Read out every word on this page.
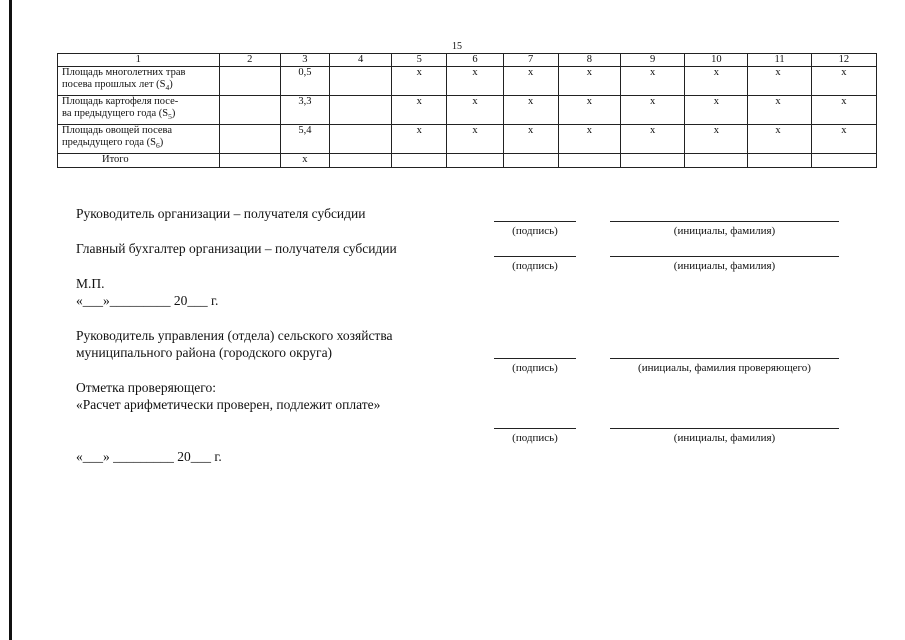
15
1	2	3	4	5	6	7	8	9	10	11	12
Площадь многолетних трав
посева прошлых лет $(S_4)$		0,5		x	x	x	x	x	x	x	x
Площадь картофеля посе-
ва предыдущего года $(S_5)$		3,3		x	x	x	x	x	x	x	x
Площадь овощей посева
предыдущего года $(S_6)$		5,4		x	x	x	x	x	x	x	x
Итого		x									
Руководитель организации – получателя субсидии
(подпись)	(инициалы, фамилия)
Главный бухгалтер организации – получателя субсидии
(подпись)	(инициалы, фамилия)
М.П.
«___»_________ 20___ г.
Руководитель управления (отдела) сельского хозяйства
муниципального района (городского округа)
(подпись)	(инициалы, фамилия проверяющего)
Отметка проверяющего:
«Расчет арифметически проверен, подлежит оплате»
(подпись)	(инициалы, фамилия)
«___» _________ 20___ г.
